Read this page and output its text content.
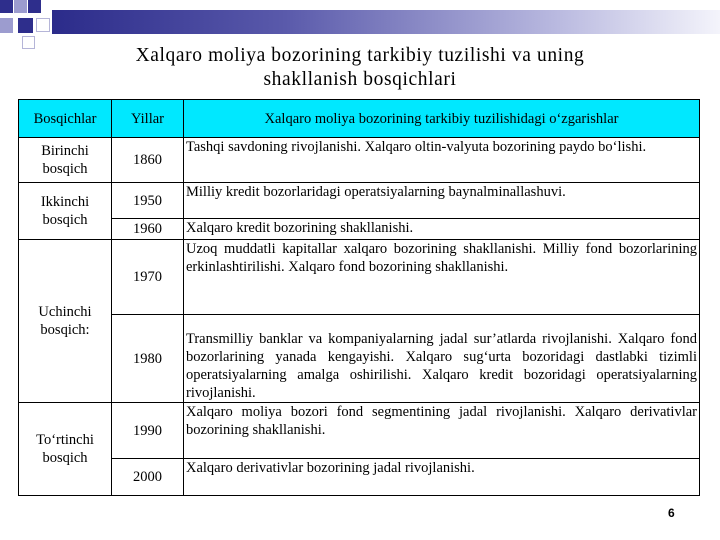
Xalqaro moliya bozorining tarkibiy tuzilishi va uning
shakllanish bosqichlari
Bosqichlar	Yillar	Xalqaro moliya bozorining tarkibiy tuzilishidagi o‘zgarishlar
Birinchi bosqich	1860	Tashqi savdoning rivojlanishi. Xalqaro oltin-valyuta bozorining paydo bo‘lishi.
Ikkinchi bosqich	1950	Milliy kredit bozorlaridagi operatsiyalarning baynalminallashuvi.
	1960	Xalqaro kredit bozorining shakllanishi.
Uchinchi bosqich:	1970	Uzoq muddatli kapitallar xalqaro bozorining shakllanishi. Milliy fond bozorlarining erkinlashtirilishi. Xalqaro fond bozorining shakllanishi.
	1980	Transmilliy banklar va kompaniyalarning jadal sur’atlarda rivojlanishi. Xalqaro fond bozorlarining yanada kengayishi. Xalqaro sug‘urta bozoridagi dastlabki tizimli operatsiyalarning amalga oshirilishi. Xalqaro kredit bozoridagi operatsiyalarning rivojlanishi.
To‘rtinchi bosqich	1990	Xalqaro moliya bozori fond segmentining jadal rivojlanishi. Xalqaro derivativlar bozorining shakllanishi.
	2000	Xalqaro derivativlar bozorining jadal rivojlanishi.
6
